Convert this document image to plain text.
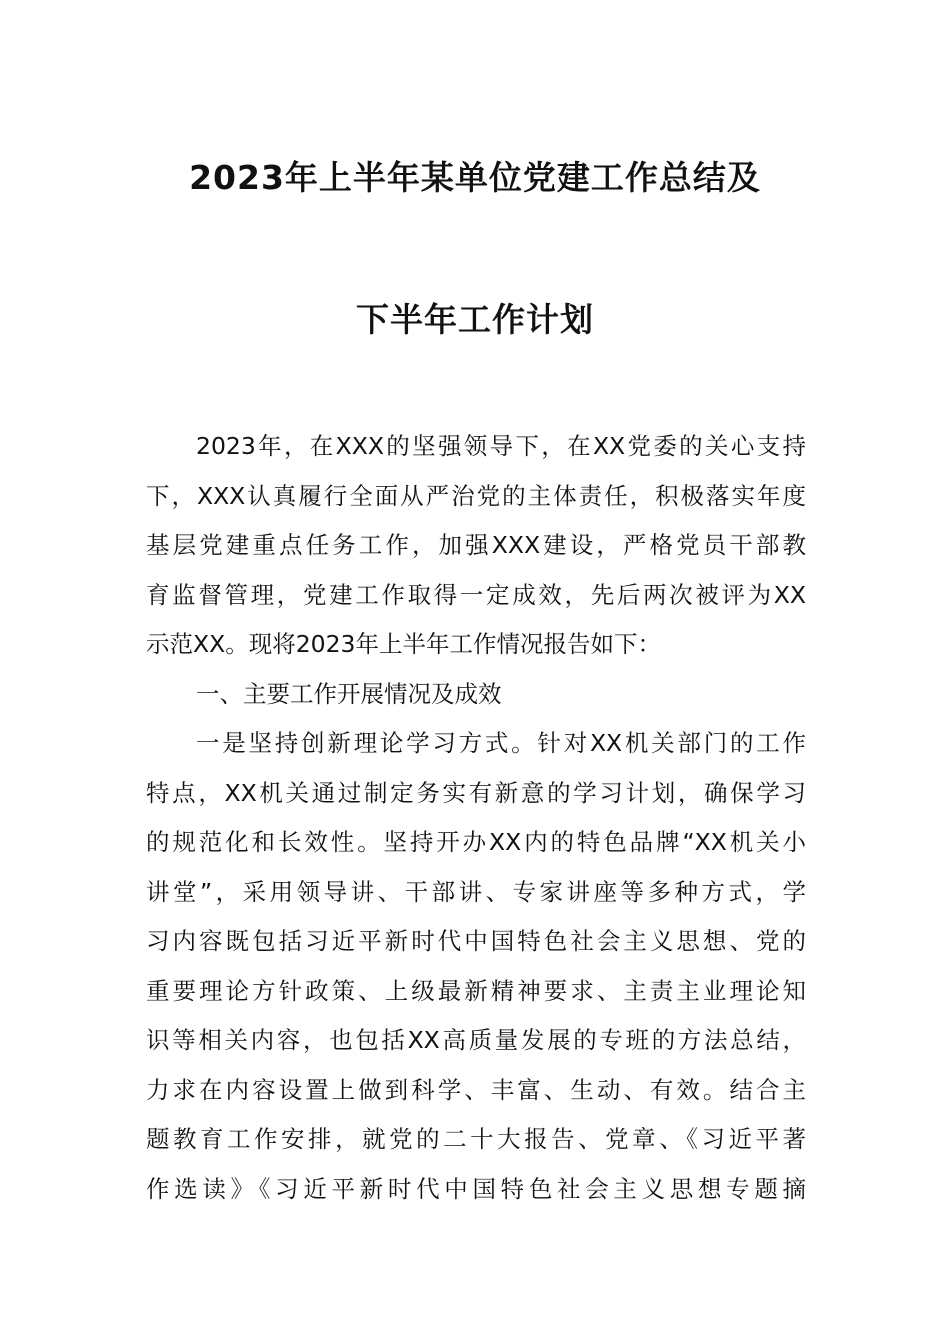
2023年上半年某单位党建工作总结及
下半年工作计划
2023年，在XXX的坚强领导下，在XX党委的关心支持
下，XXX认真履行全面从严治党的主体责任，积极落实年度
基层党建重点任务工作，加强XXX建设，严格党员干部教
育监督管理，党建工作取得一定成效，先后两次被评为XX
示范XX。现将2023年上半年工作情况报告如下：
一、主要工作开展情况及成效
一是坚持创新理论学习方式。针对XX机关部门的工作
特点，XX机关通过制定务实有新意的学习计划，确保学习
的规范化和长效性。坚持开办XX内的特色品牌“XX机关小
讲堂”，采用领导讲、干部讲、专家讲座等多种方式，学
习内容既包括习近平新时代中国特色社会主义思想、党的
重要理论方针政策、上级最新精神要求、主责主业理论知
识等相关内容，也包括XX高质量发展的专班的方法总结，
力求在内容设置上做到科学、丰富、生动、有效。结合主
题教育工作安排，就党的二十大报告、党章、《习近平著
作选读》《习近平新时代中国特色社会主义思想专题摘
